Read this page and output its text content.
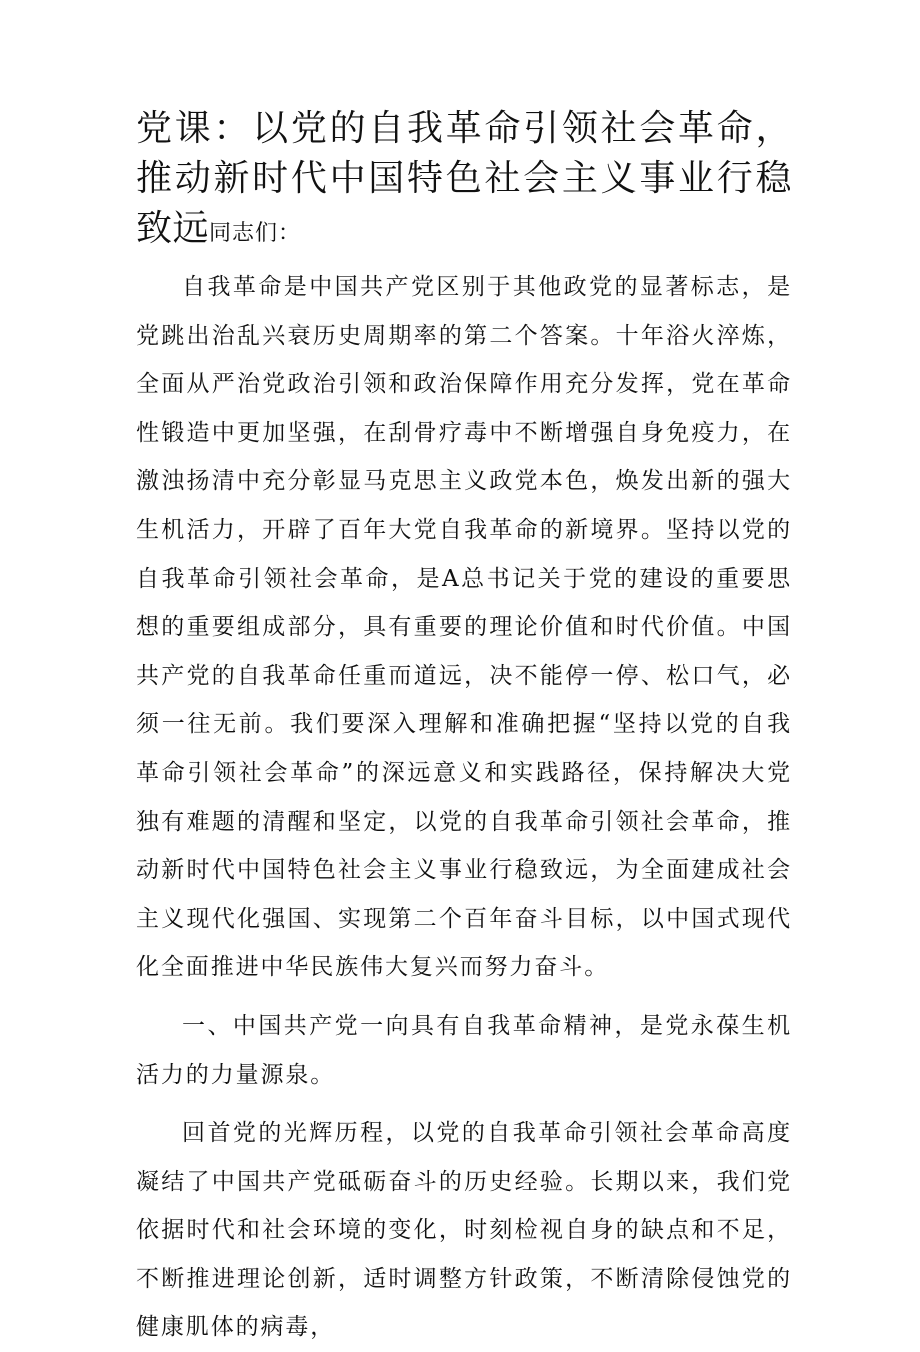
党课：以党的自我革命引领社会革命，推动新时代中国特色社会主义事业行稳致远同志们：

自我革命是中国共产党区别于其他政党的显著标志，是党跳出治乱兴衰历史周期率的第二个答案。十年浴火淬炼，全面从严治党政治引领和政治保障作用充分发挥，党在革命性锻造中更加坚强，在刮骨疗毒中不断增强自身免疫力，在激浊扬清中充分彰显马克思主义政党本色，焕发出新的强大生机活力，开辟了百年大党自我革命的新境界。坚持以党的自我革命引领社会革命，是A总书记关于党的建设的重要思想的重要组成部分，具有重要的理论价值和时代价值。中国共产党的自我革命任重而道远，决不能停一停、松口气，必须一往无前。我们要深入理解和准确把握“坚持以党的自我革命引领社会革命”的深远意义和实践路径，保持解决大党独有难题的清醒和坚定，以党的自我革命引领社会革命，推动新时代中国特色社会主义事业行稳致远，为全面建成社会主义现代化强国、实现第二个百年奋斗目标，以中国式现代化全面推进中华民族伟大复兴而努力奋斗。

一、中国共产党一向具有自我革命精神，是党永葆生机活力的力量源泉。

回首党的光辉历程，以党的自我革命引领社会革命高度凝结了中国共产党砥砺奋斗的历史经验。长期以来，我们党依据时代和社会环境的变化，时刻检视自身的缺点和不足，不断推进理论创新，适时调整方针政策，不断清除侵蚀党的健康肌体的病毒，
